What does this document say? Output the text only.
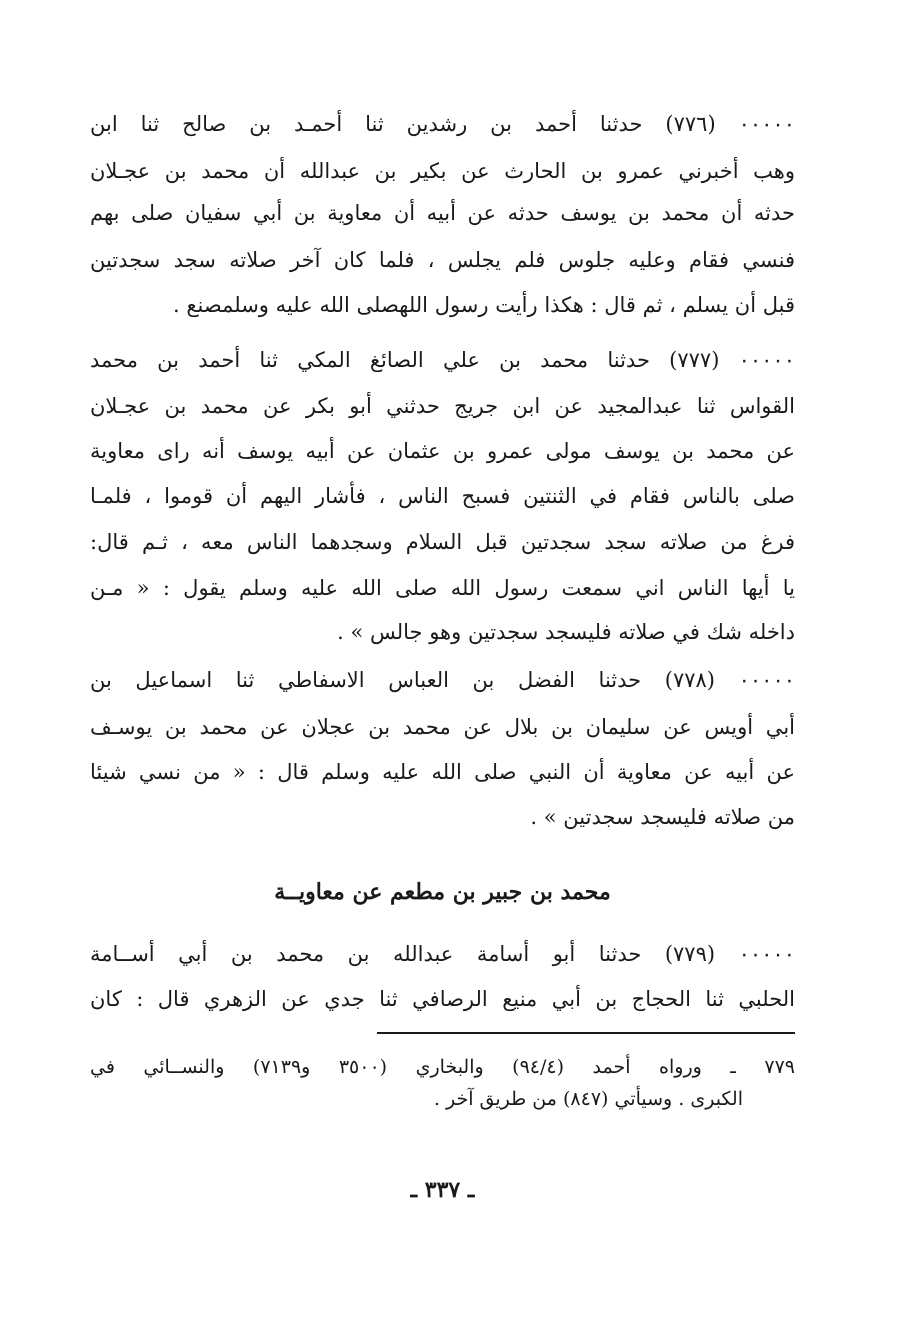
٠٠٠٠٠ (٧٧٦) حدثنا أحمد بن رشدين ثنا أحمـد بن صالح ثنا ابن
وهب أخبرني عمرو بن الحارث عن بكير بن عبدالله أن محمد بن عجـلان
حدثه أن محمد بن يوسف حدثه عن أبيه أن معاوية بن أبي سفيان صلى بهم
فنسي فقام وعليه جلوس فلم يجلس ، فلما كان آخر صلاته سجد سجدتين
قبل أن يسلم ، ثم قال : هكذا رأيت رسول اللهصلى الله عليه وسلمصنع .
٠٠٠٠٠ (٧٧٧) حدثنا محمد بن علي الصائغ المكي ثنا أحمد بن محمد
القواس ثنا عبدالمجيد عن ابن جريج حدثني أبو بكر عن محمد بن عجـلان
عن محمد بن يوسف مولى عمرو بن عثمان عن أبيه يوسف أنه راى معاوية
صلى بالناس فقام في الثنتين فسبح الناس ، فأشار اليهم أن قوموا ، فلمـا
فرغ من صلاته سجد سجدتين قبل السلام وسجدهما الناس معه ، ثـم قال:
يا أيها الناس اني سمعت رسول الله صلى الله عليه وسلم يقول : « مـن
داخله شك في صلاته فليسجد سجدتين وهو جالس » .
٠٠٠٠٠ (٧٧٨) حدثنا الفضل بن العباس الاسفاطي ثنا اسماعيل بن
أبي أويس عن سليمان بن بلال عن محمد بن عجلان عن محمد بن يوسـف
عن أبيه عن معاوية أن النبي صلى الله عليه وسلم قال : « من نسي شيئا
من صلاته فليسجد سجدتين » .
محمد بن جبير بن مطعم عن معاويــة
٠٠٠٠٠ (٧٧٩) حدثنا أبو أسامة عبدالله بن محمد بن أبي أســامة
الحلبي ثنا الحجاج بن أبي منيع الرصافي ثنا جدي عن الزهري قال : كان
٧٧٩ ـ ورواه أحمد (٩٤/٤) والبخاري (٣٥٠٠ و٧١٣٩) والنســائي في
الكبرى . وسيأتي (٨٤٧) من طريق آخر .
ـ ٣٣٧ ـ
